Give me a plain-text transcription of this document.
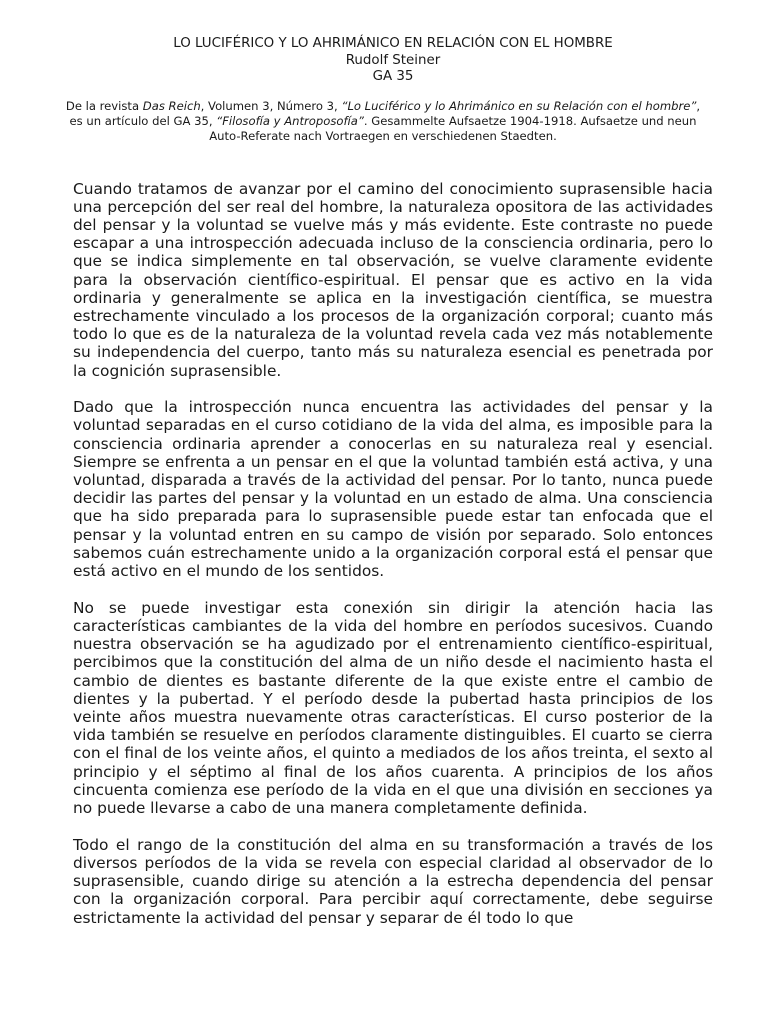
LO LUCIFÉRICO Y LO AHRIMÁNICO EN RELACIÓN CON EL HOMBRE
Rudolf Steiner
GA 35
De la revista Das Reich, Volumen 3, Número 3, “Lo Luciférico y lo Ahrimánico en su Relación con el hombre”, es un artículo del GA 35, “Filosofía y Antroposofía”. Gesammelte Aufsaetze 1904-1918. Aufsaetze und neun Auto-Referate nach Vortraegen en verschiedenen Staedten.

Cuando tratamos de avanzar por el camino del conocimiento suprasensible hacia una percepción del ser real del hombre, la naturaleza opositora de las actividades del pensar y la voluntad se vuelve más y más evidente. Este contraste no puede escapar a una introspección adecuada incluso de la consciencia ordinaria, pero lo que se indica simplemente en tal observación, se vuelve claramente evidente para la observación científico-espiritual. El pensar que es activo en la vida ordinaria y generalmente se aplica en la investigación científica, se muestra estrechamente vinculado a los procesos de la organización corporal; cuanto más todo lo que es de la naturaleza de la voluntad revela cada vez más notablemente su independencia del cuerpo, tanto más su naturaleza esencial es penetrada por la cognición suprasensible.

Dado que la introspección nunca encuentra las actividades del pensar y la voluntad separadas en el curso cotidiano de la vida del alma, es imposible para la consciencia ordinaria aprender a conocerlas en su naturaleza real y esencial. Siempre se enfrenta a un pensar en el que la voluntad también está activa, y una voluntad, disparada a través de la actividad del pensar. Por lo tanto, nunca puede decidir las partes del pensar y la voluntad en un estado de alma. Una consciencia que ha sido preparada para lo suprasensible puede estar tan enfocada que el pensar y la voluntad entren en su campo de visión por separado. Solo entonces sabemos cuán estrechamente unido a la organización corporal está el pensar que está activo en el mundo de los sentidos.

No se puede investigar esta conexión sin dirigir la atención hacia las características cambiantes de la vida del hombre en períodos sucesivos. Cuando nuestra observación se ha agudizado por el entrenamiento científico-espiritual, percibimos que la constitución del alma de un niño desde el nacimiento hasta el cambio de dientes es bastante diferente de la que existe entre el cambio de dientes y la pubertad. Y el período desde la pubertad hasta principios de los veinte años muestra nuevamente otras características. El curso posterior de la vida también se resuelve en períodos claramente distinguibles. El cuarto se cierra con el final de los veinte años, el quinto a mediados de los años treinta, el sexto al principio y el séptimo al final de los años cuarenta. A principios de los años cincuenta comienza ese período de la vida en el que una división en secciones ya no puede llevarse a cabo de una manera completamente definida.

Todo el rango de la constitución del alma en su transformación a través de los diversos períodos de la vida se revela con especial claridad al observador de lo suprasensible, cuando dirige su atención a la estrecha dependencia del pensar con la organización corporal. Para percibir aquí correctamente, debe seguirse estrictamente la actividad del pensar y separar de él todo lo que
